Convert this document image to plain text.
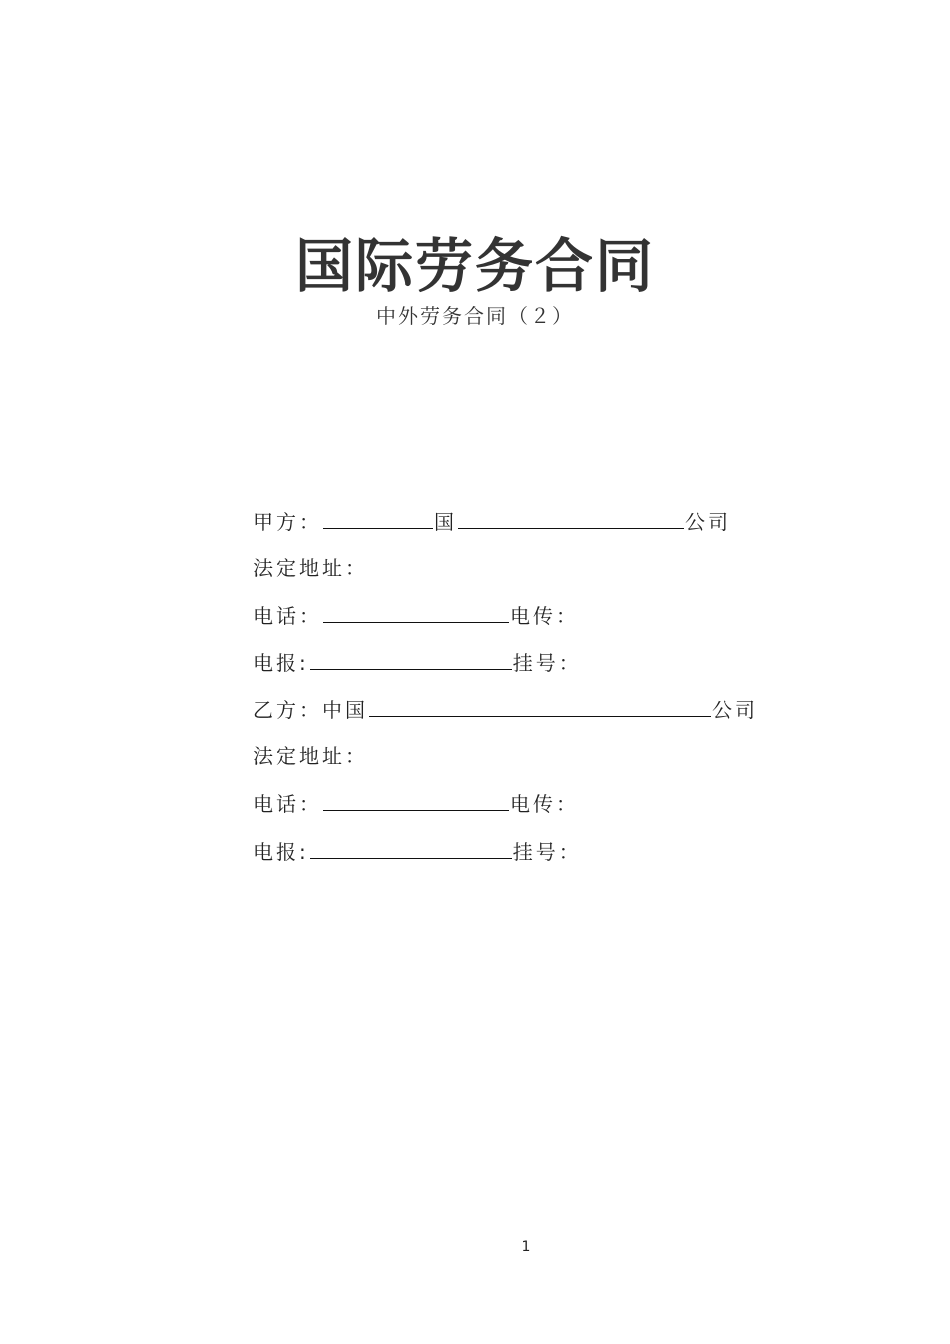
国际劳务合同
中外劳务合同（２）
甲方：	国	公司
法定地址：
电话：	电传：
电报:	挂号：
乙方：中国	公司
法定地址：
电话：	电传：
电报:	挂号：
1
